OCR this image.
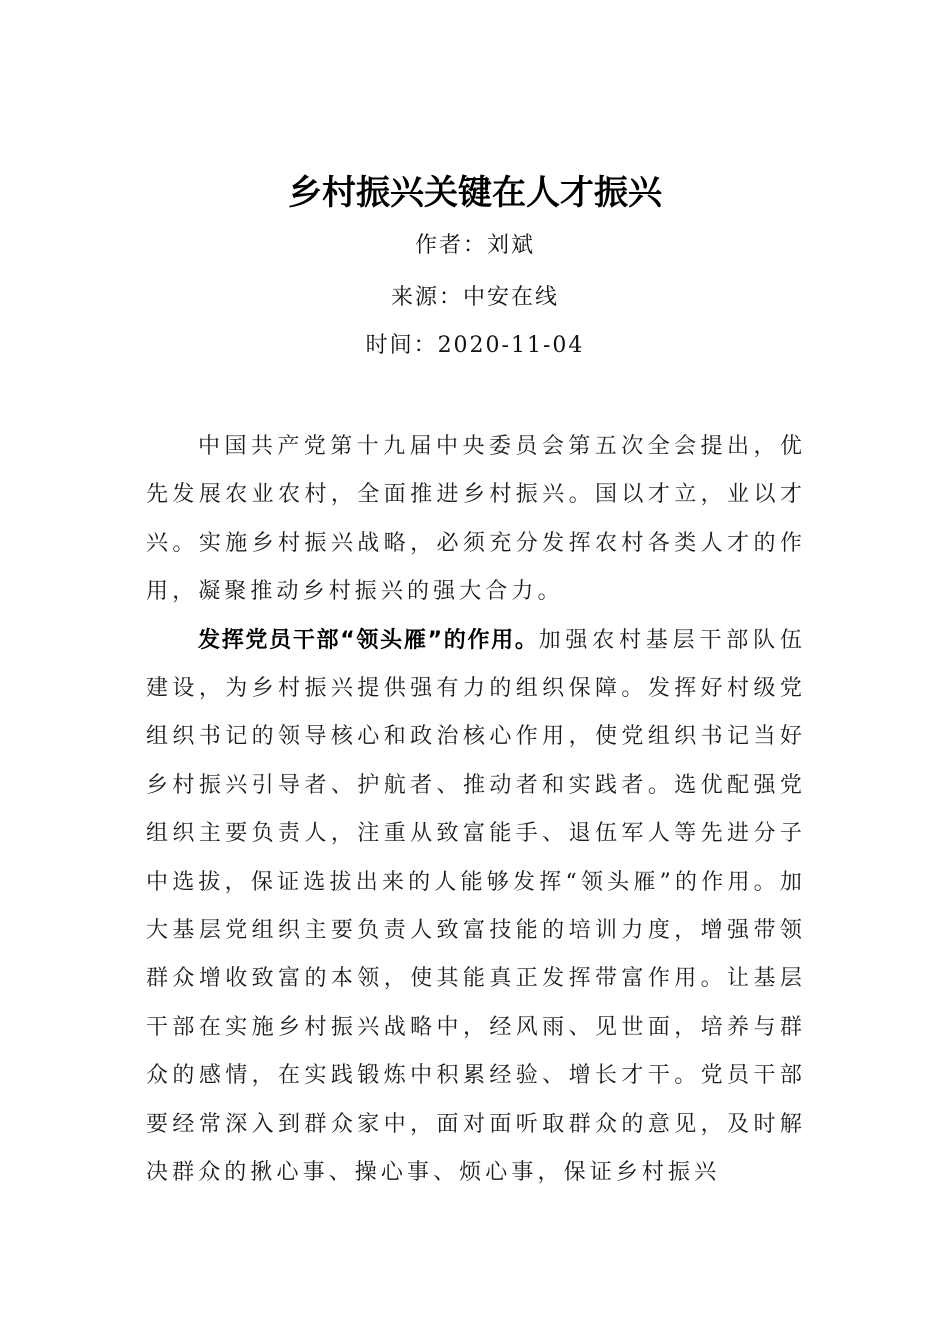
乡村振兴关键在人才振兴
作者：刘斌
来源：中安在线
时间：2020-11-04

中国共产党第十九届中央委员会第五次全会提出，优先发展农业农村，全面推进乡村振兴。国以才立，业以才兴。实施乡村振兴战略，必须充分发挥农村各类人才的作用，凝聚推动乡村振兴的强大合力。

发挥党员干部“领头雁”的作用。加强农村基层干部队伍建设，为乡村振兴提供强有力的组织保障。发挥好村级党组织书记的领导核心和政治核心作用，使党组织书记当好乡村振兴引导者、护航者、推动者和实践者。选优配强党组织主要负责人，注重从致富能手、退伍军人等先进分子中选拔，保证选拔出来的人能够发挥“领头雁”的作用。加大基层党组织主要负责人致富技能的培训力度，增强带领群众增收致富的本领，使其能真正发挥带富作用。让基层干部在实施乡村振兴战略中，经风雨、见世面，培养与群众的感情，在实践锻炼中积累经验、增长才干。党员干部要经常深入到群众家中，面对面听取群众的意见，及时解决群众的揪心事、操心事、烦心事，保证乡村振兴
